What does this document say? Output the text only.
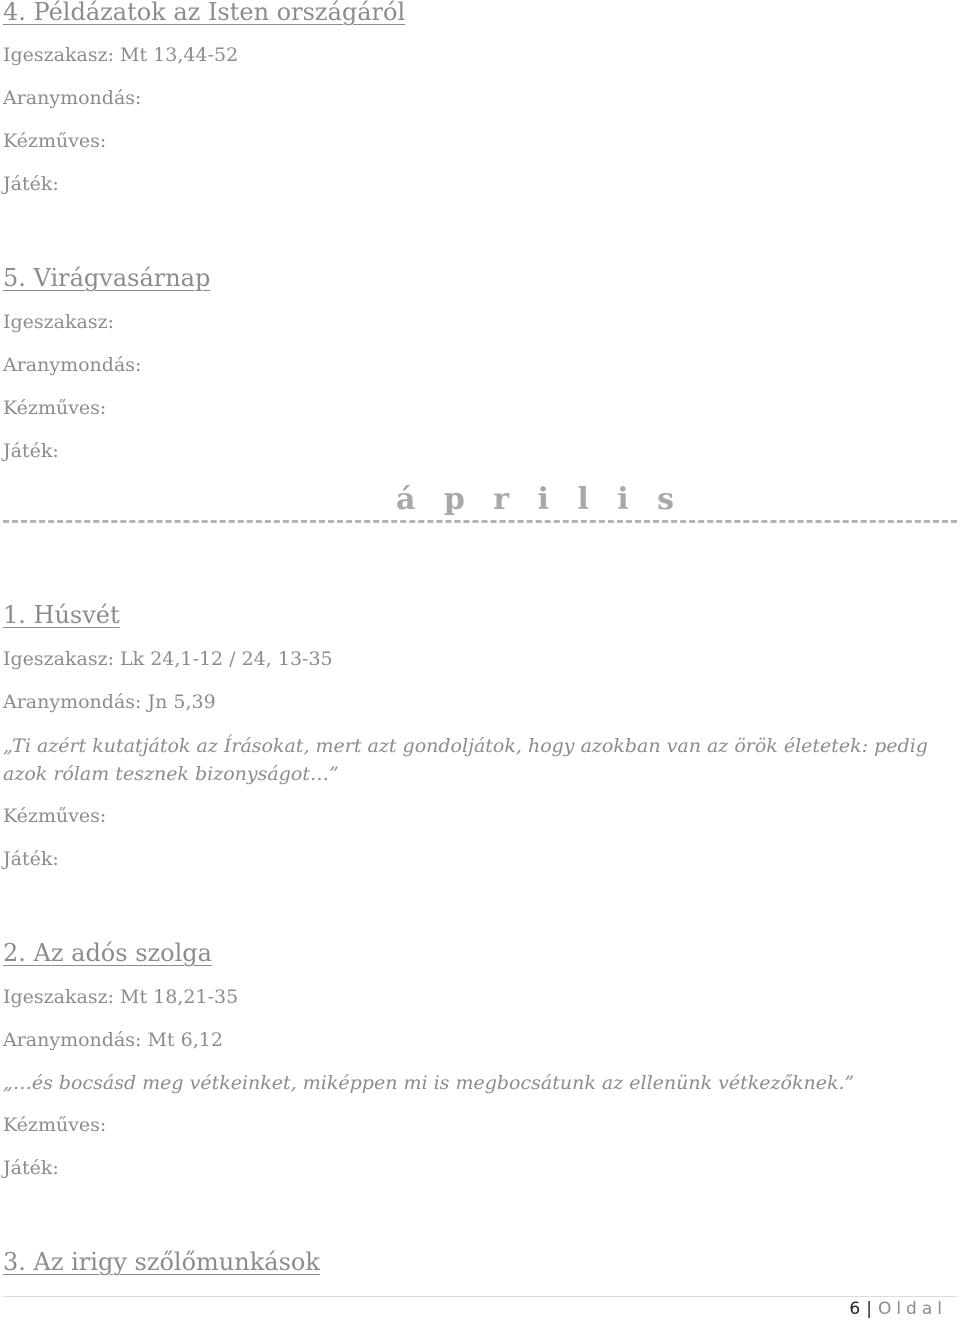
4. Példázatok az Isten országáról
Igeszakasz: Mt 13,44-52
Aranymondás:
Kézműves:
Játék:
5. Virágvasárnap
Igeszakasz:
Aranymondás:
Kézműves:
Játék:
á p r i l i s
1. Húsvét
Igeszakasz: Lk 24,1-12 / 24, 13-35
Aranymondás: Jn 5,39
„Ti azért kutatjátok az Írásokat, mert azt gondoljátok, hogy azokban van az örök életetek: pedig azok rólam tesznek bizonyságot…”
Kézműves:
Játék:
2. Az adós szolga
Igeszakasz: Mt 18,21-35
Aranymondás: Mt 6,12
„…és bocsásd meg vétkeinket, miképpen mi is megbocsátunk az ellenünk vétkezőknek.”
Kézműves:
Játék:
3. Az irigy szőlőmunkások
6 | Oldal
